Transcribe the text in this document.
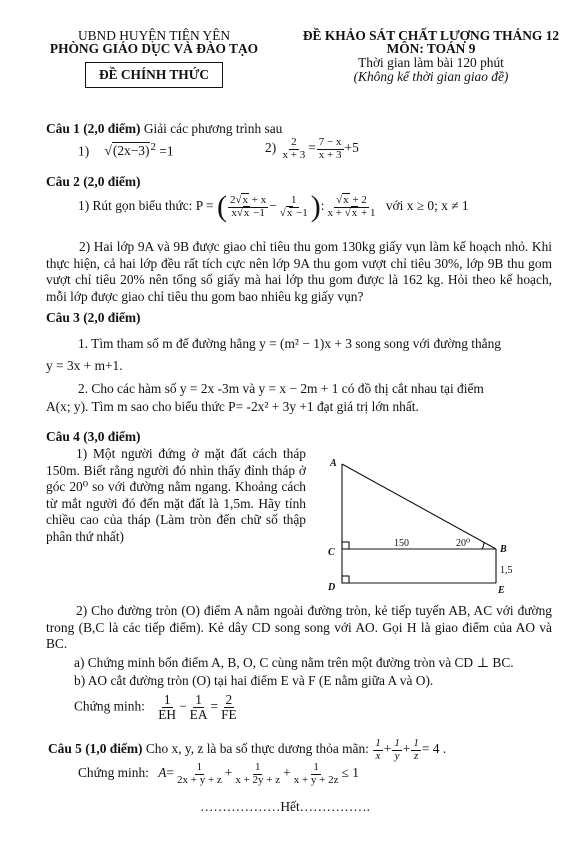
UBND HUYỆN TIÊN YÊN
PHÒNG GIÁO DỤC VÀ ĐÀO TẠO
ĐỀ CHÍNH THỨC
ĐỀ KHẢO SÁT CHẤT LƯỢNG THÁNG 12
MÔN: TOÁN 9
Thời gian làm bài 120 phút
(Không kể thời gian giao đề)
Câu 1 (2,0 điểm) Giải các phương trình sau
1) $√(2x-3)^2 =1$	$2) \frac{2}{x + 3} = \frac{7 - x}{x + 3} +5$
Câu 2 (2,0 điểm)
1) Rút gọn biểu thức: P = ( $\frac{2√x + x}{x√x -1} - \frac{1}{√x -1}$ ): $\frac{√x + 2}{x + √x + 1}$ với x ≥ 0; x ≠ 1

2) Hai lớp 9A và 9B được giao chỉ tiêu thu gom 130kg giấy vụn làm kế hoạch nhỏ. Khi thực hiện, cả hai lớp đều rất tích cực nên lớp 9A thu gom vượt chỉ tiêu 30%, lớp 9B thu gom vượt chỉ tiêu 20% nên tổng số giấy mà hai lớp thu gom được là 162 kg. Hỏi theo kế hoạch, mỗi lớp được giao chỉ tiêu thu gom bao nhiêu kg giấy vụn?

Câu 3 (2,0 điểm)
1. Tìm tham số m để đường hẳng y = (m² − 1)x + 3 song song với đường thẳng
y = 3x + m+1.
2. Cho các hàm số y = 2x -3m và y = x − 2m + 1 có đồ thị cắt nhau tại điểm
A(x; y). Tìm m sao cho biểu thức P= -2x² + 3y +1 đạt giá trị lớn nhất.
Câu 4 (3,0 điểm)

1) Một người đứng ở mặt đất cách tháp 150m. Biết rằng người đó nhìn thấy đỉnh tháp ở góc 20⁰ so với đường nằm ngang. Khoảng cách từ mắt người đó đến mặt đất là 1,5m. Hãy tính chiều cao của tháp (Làm tròn đến chữ số thập phân thứ nhất)

A
C
D
B
E
150	20⁰
1,5

2) Cho đường tròn (O) điểm A nằm ngoài đường tròn, kẻ tiếp tuyến AB, AC với đường trong (B,C là các tiếp điểm). Kẻ dây CD song song với AO. Gọi H là giao điểm của AO và BC.

a) Chứng minh bốn điểm A, B, O, C cùng nằm trên một đường tròn và CD ⊥ BC.
b) AO cắt đường tròn (O) tại hai điểm E và F (E nằm giữa A và O).
Chứng minh: $\frac{1}{EH} - \frac{1}{EA} = \frac{2}{FE}$
Câu 5 (1,0 điểm) Cho x, y, z là ba số thực dương thỏa mãn: $\frac{1}{x} + \frac{1}{y} + \frac{1}{z} = 4$ .
Chứng minh: $A= \frac{1}{2x + y + z} + \frac{1}{x + 2y + z} + \frac{1}{x + y + 2z} \le 1$
………………Hết…………….
